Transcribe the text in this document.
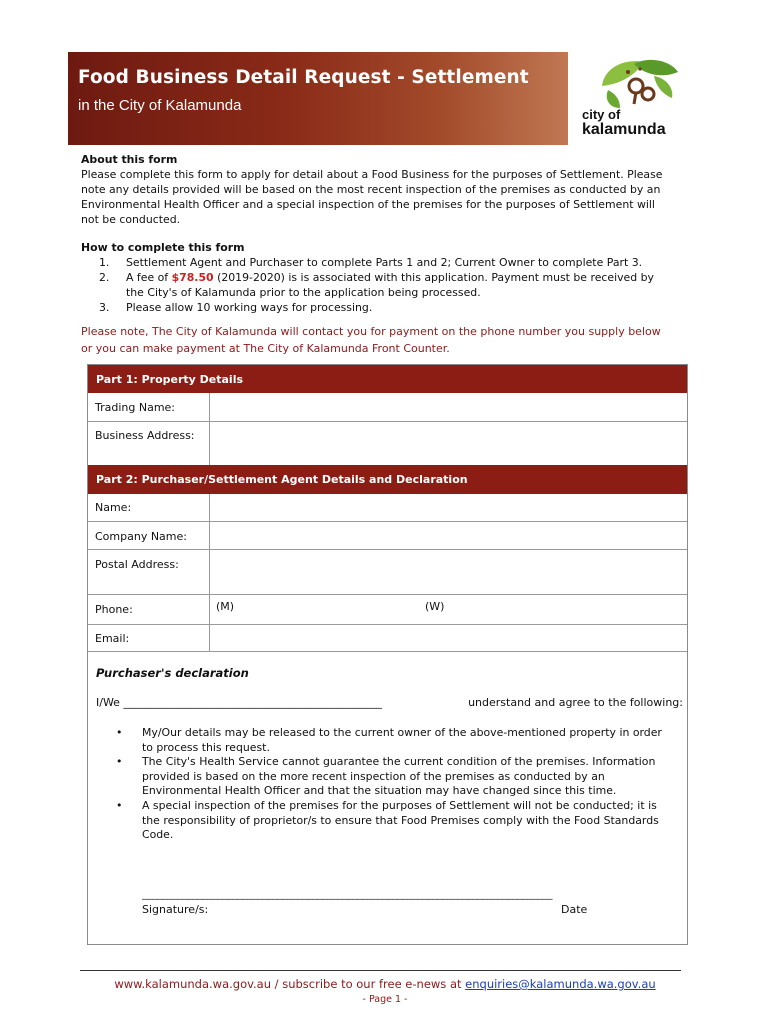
Food Business Detail Request - Settlement
in the City of Kalamunda
city of
kalamunda
About this form
Please complete this form to apply for detail about a Food Business for the purposes of Settlement. Please
note any details provided will be based on the most recent inspection of the premises as conducted by an
Environmental Health Officer and a special inspection of the premises for the purposes of Settlement will
not be conducted.
How to complete this form
1. Settlement Agent and Purchaser to complete Parts 1 and 2; Current Owner to complete Part 3.
2. A fee of $78.50 (2019-2020) is is associated with this application. Payment must be received by
the City's of Kalamunda prior to the application being processed.
3. Please allow 10 working ways for processing.
Please note, The City of Kalamunda will contact you for payment on the phone number you supply below
or you can make payment at The City of Kalamunda Front Counter.
Part 1: Property Details
Trading Name:
Business Address:
Part 2: Purchaser/Settlement Agent Details and Declaration
Name:
Company Name:
Postal Address:
Phone:	(M)	(W)
Email:
Purchaser's declaration
I/We _______________________________________________	understand and agree to the following:
• My/Our details may be released to the current owner of the above-mentioned property in order
to process this request.
• The City's Health Service cannot guarantee the current condition of the premises. Information
provided is based on the more recent inspection of the premises as conducted by an
Environmental Health Officer and that the situation may have changed since this time.
• A special inspection of the premises for the purposes of Settlement will not be conducted; it is
the responsibility of proprietor/s to ensure that Food Premises comply with the Food Standards
Code.
__________________________________________________________________________________
Signature/s:	Date
www.kalamunda.wa.gov.au / subscribe to our free e-news at enquiries@kalamunda.wa.gov.au
- Page 1 -
